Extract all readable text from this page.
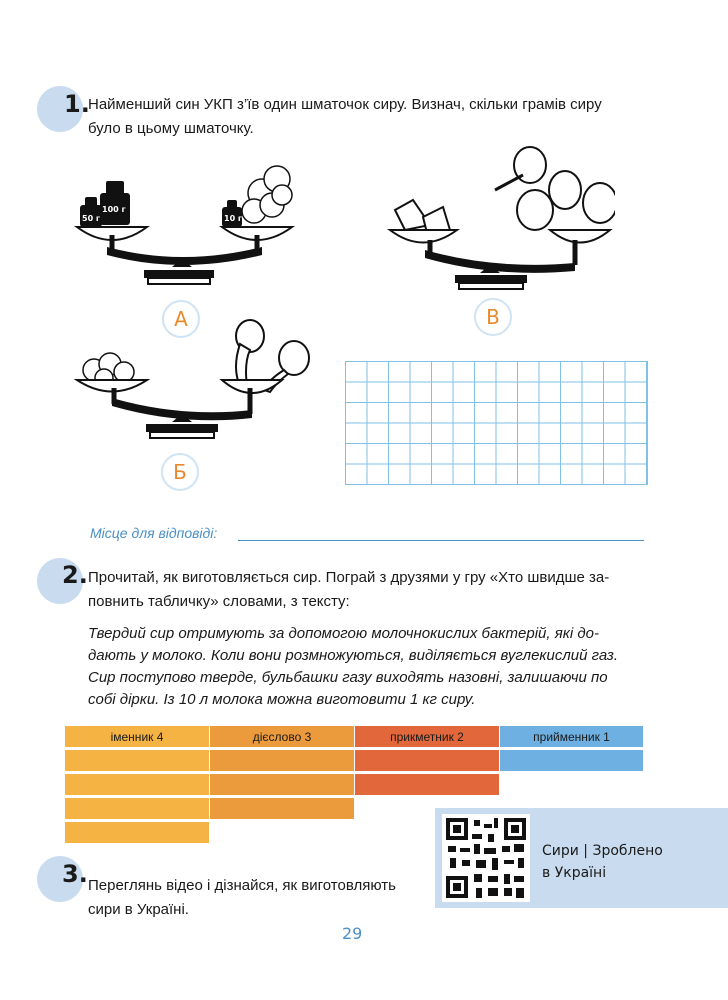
1.
Найменший син УКП з’їв один шматочок сиру. Визнач, скільки грамів сиру
було в цьому шматочку.
50 г
100 г
10 г
А	В
Б
Місце для відповіді:
2. Прочитай, як виготовляється сир. Пограй з друзями у гру «Хто швидше за-
повнить табличку» словами, з тексту:
Твердий сир отримують за допомогою молочнокислих бактерій, які до-
дають у молоко. Коли вони розмножуються, виділяється вуглекислий газ.
Сир поступово тверде, бульбашки газу виходять назовні, залишаючи по
собі дірки. Із 10 л молока можна виготовити 1 кг сиру.
іменник 4	дієслово 3	прикметник 2	прийменник 1
3. Переглянь відео і дізнайся, як виготовляють
сири в Україні.
Сири | Зроблено
в Україні
29
